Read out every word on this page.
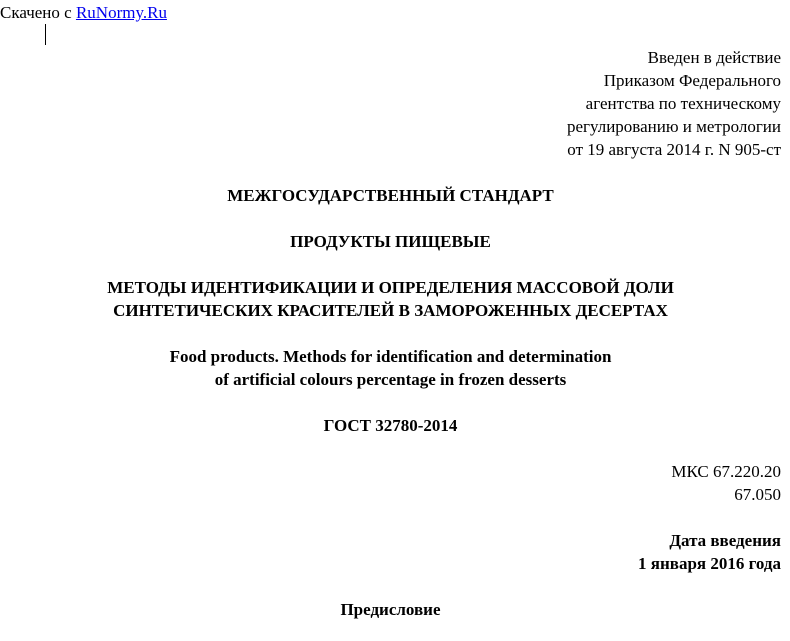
Скачено с RuNormy.Ru
Введен в действие
Приказом Федерального
агентства по техническому
регулированию и метрологии
от 19 августа 2014 г. N 905-ст
МЕЖГОСУДАРСТВЕННЫЙ СТАНДАРТ
ПРОДУКТЫ ПИЩЕВЫЕ
МЕТОДЫ ИДЕНТИФИКАЦИИ И ОПРЕДЕЛЕНИЯ МАССОВОЙ ДОЛИ
СИНТЕТИЧЕСКИХ КРАСИТЕЛЕЙ В ЗАМОРОЖЕННЫХ ДЕСЕРТАХ
Food products. Methods for identification and determination
of artificial colours percentage in frozen desserts
ГОСТ 32780-2014
МКС 67.220.20
67.050
Дата введения
1 января 2016 года
Предисловие
